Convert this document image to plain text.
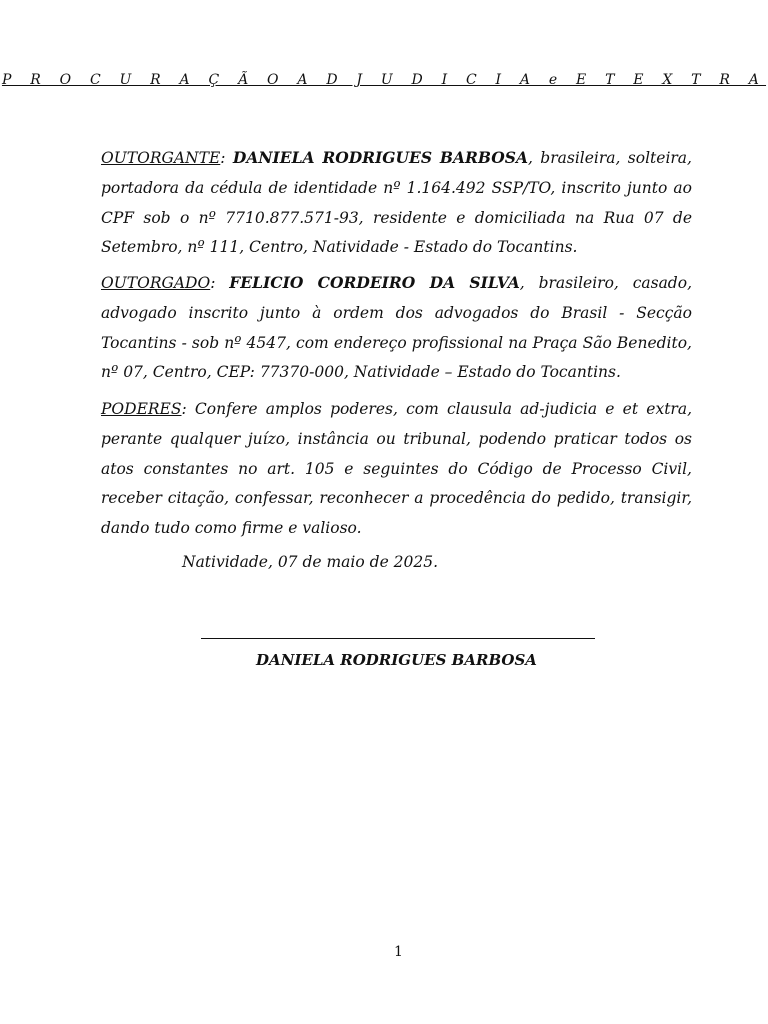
P R O C U R A Ç Ã O A D J U D I C I A e E T E X T R A
OUTORGANTE: DANIELA RODRIGUES BARBOSA, brasileira, solteira, portadora da cédula de identidade nº 1.164.492 SSP/TO, inscrito junto ao CPF sob o nº 7710.877.571-93, residente e domiciliada na Rua 07 de Setembro, nº 111, Centro, Natividade - Estado do Tocantins.
OUTORGADO: FELICIO CORDEIRO DA SILVA, brasileiro, casado, advogado inscrito junto à ordem dos advogados do Brasil - Secção Tocantins - sob nº 4547, com endereço profissional na Praça São Benedito, nº 07, Centro, CEP: 77370-000, Natividade – Estado do Tocantins.
PODERES: Confere amplos poderes, com clausula ad-judicia e et extra, perante qualquer juízo, instância ou tribunal, podendo praticar todos os atos constantes no art. 105 e seguintes do Código de Processo Civil, receber citação, confessar, reconhecer a procedência do pedido, transigir, dando tudo como firme e valioso.
Natividade, 07 de maio de 2025.
DANIELA RODRIGUES BARBOSA
1
